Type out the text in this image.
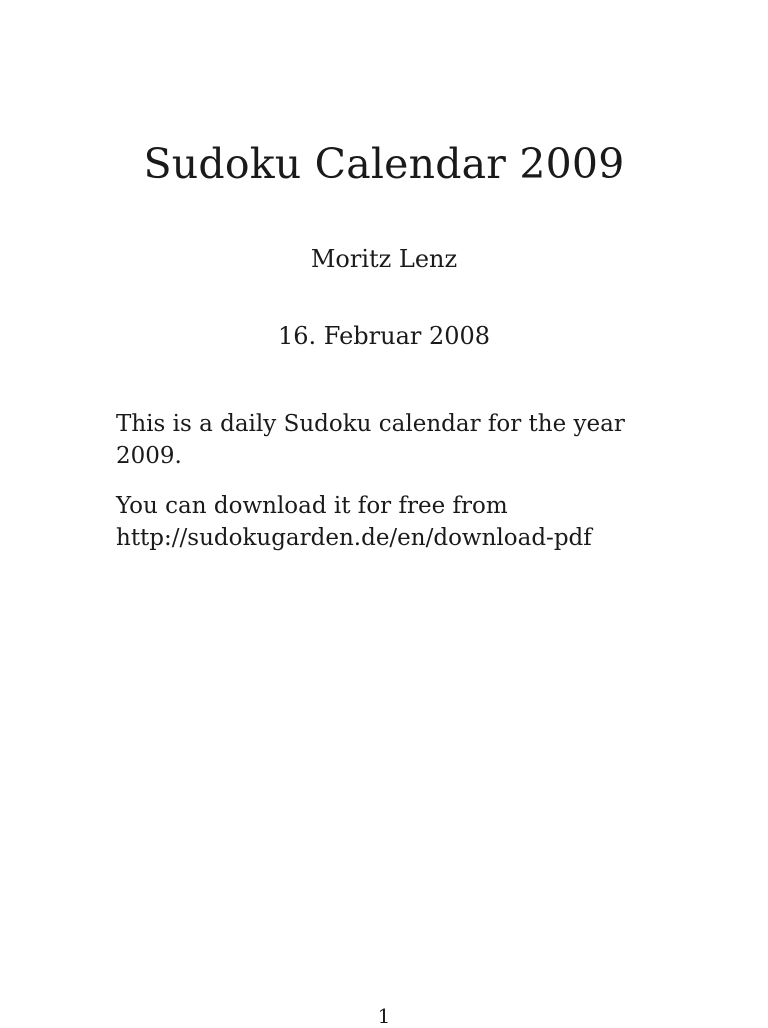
Sudoku Calendar 2009
Moritz Lenz
16. Februar 2008

This is a daily Sudoku calendar for the year
2009.

You can download it for free from
http://sudokugarden.de/en/download-pdf

1
